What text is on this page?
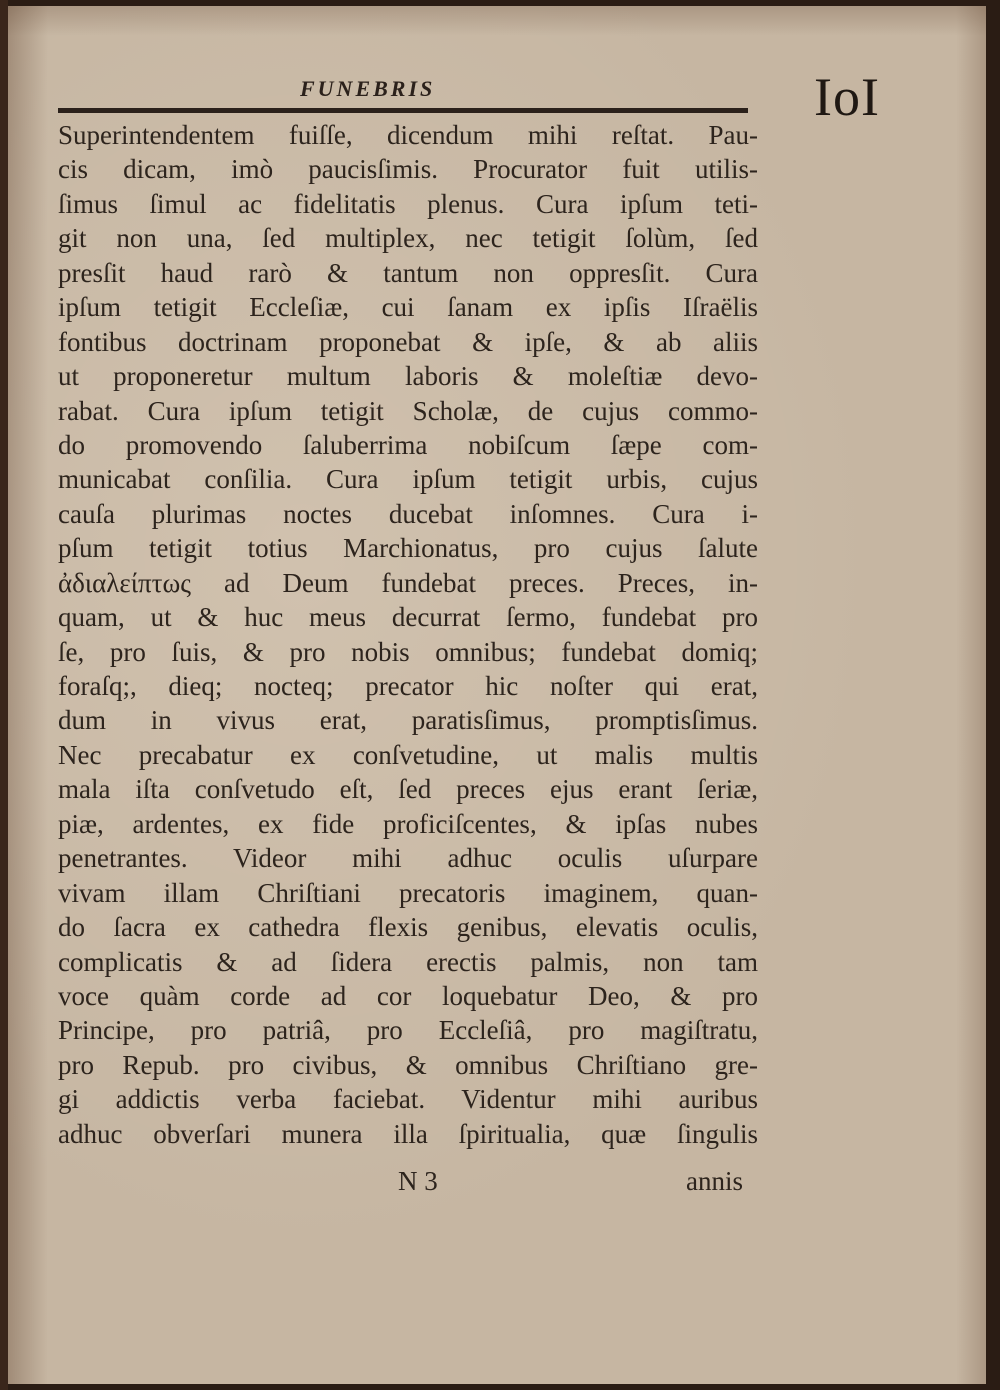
FUNEBRIS	IoI
Superintendentem fuiſſe, dicendum mihi reſtat. Pau-
cis dicam, imò paucisſimis. Procurator fuit utilis-
ſimus ſimul ac fidelitatis plenus. Cura ipſum teti-
git non una, ſed multiplex, nec tetigit ſolùm, ſed
presſit haud rarò & tantum non oppresſit. Cura
ipſum tetigit Eccleſiæ, cui ſanam ex ipſis Iſraëlis
fontibus doctrinam proponebat & ipſe, & ab aliis
ut proponeretur multum laboris & moleſtiæ devo-
rabat. Cura ipſum tetigit Scholæ, de cujus commo-
do promovendo ſaluberrima nobiſcum ſæpe com-
municabat conſilia. Cura ipſum tetigit urbis, cujus
cauſa plurimas noctes ducebat inſomnes. Cura i-
pſum tetigit totius Marchionatus, pro cujus ſalute
ἀδιαλείπτως ad Deum fundebat preces. Preces, in-
quam, ut & huc meus decurrat ſermo, fundebat pro
ſe, pro ſuis, & pro nobis omnibus; fundebat domiq;
foraſq;, dieq; nocteq; precator hic noſter qui erat,
dum in vivus erat, paratisſimus, promptisſimus.
Nec precabatur ex conſvetudine, ut malis multis
mala iſta conſvetudo eſt, ſed preces ejus erant ſeriæ,
piæ, ardentes, ex fide proficiſcentes, & ipſas nubes
penetrantes. Videor mihi adhuc oculis uſurpare
vivam illam Chriſtiani precatoris imaginem, quan-
do ſacra ex cathedra flexis genibus, elevatis oculis,
complicatis & ad ſidera erectis palmis, non tam
voce quàm corde ad cor loquebatur Deo, & pro
Principe, pro patriâ, pro Eccleſiâ, pro magiſtratu,
pro Repub. pro civibus, & omnibus Chriſtiano gre-
gi addictis verba faciebat. Videntur mihi auribus
adhuc obverſari munera illa ſpiritualia, quæ ſingulis
N 3	annis
